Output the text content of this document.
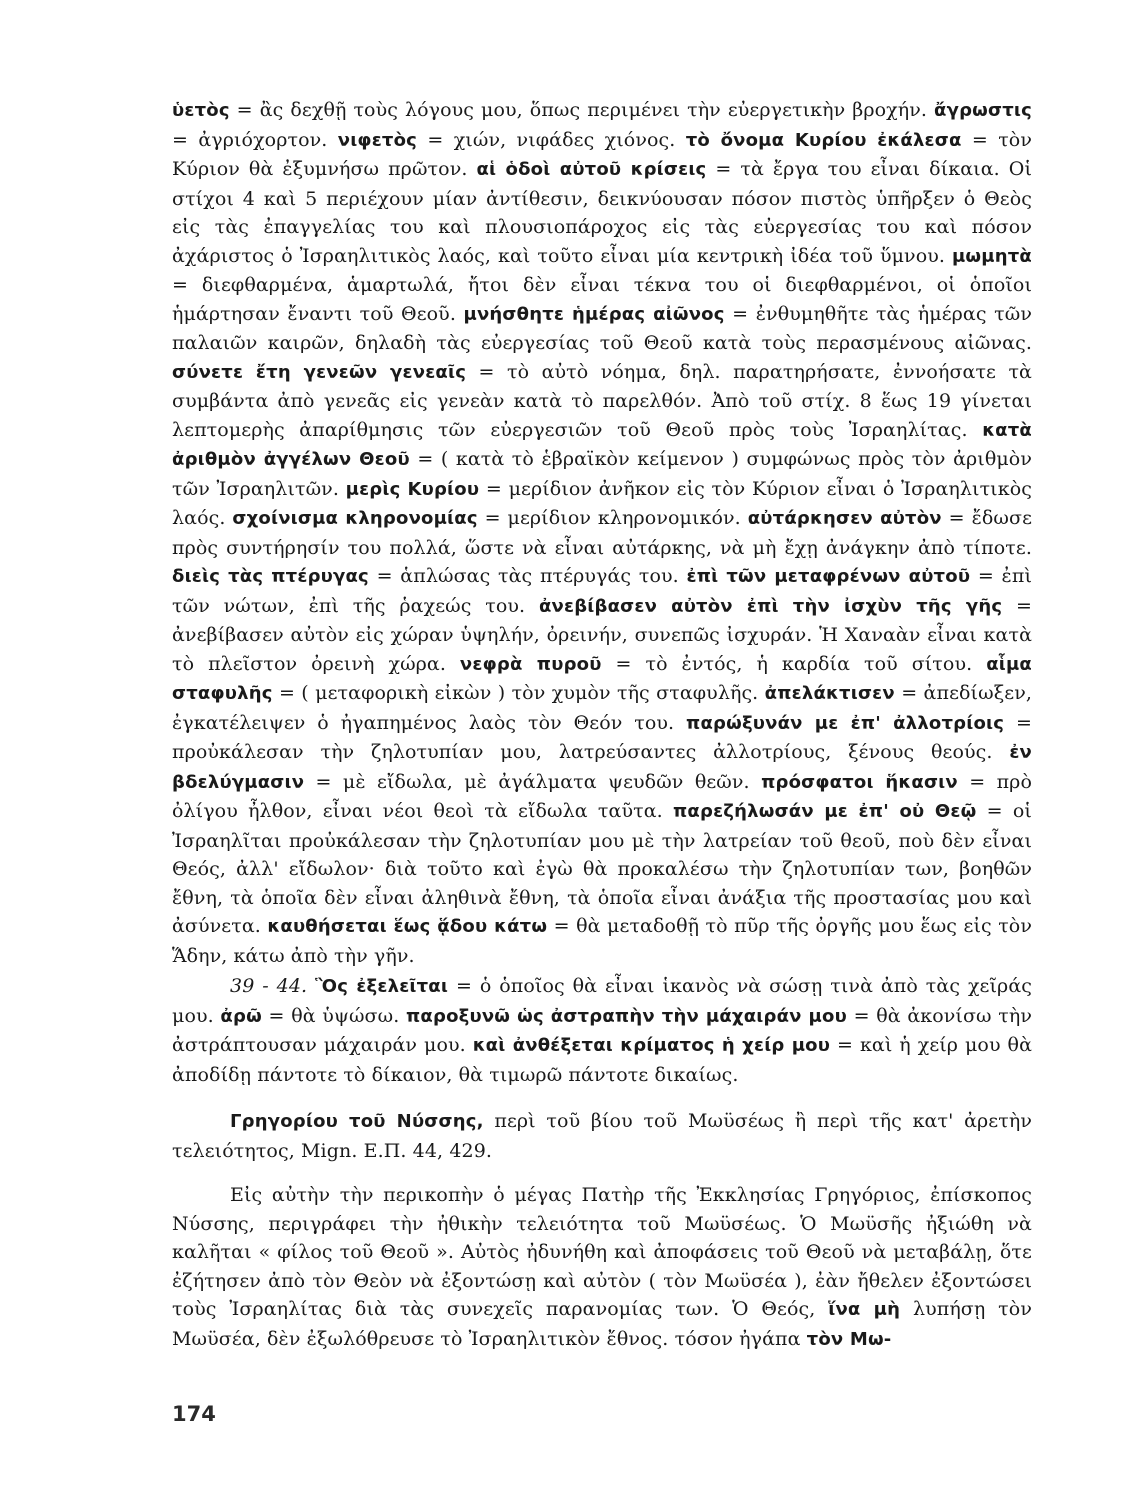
ὑετὸς = ἂς δεχθῇ τοὺς λόγους μου, ὅπως περιμένει τὴν εὐεργετικὴν βροχήν. ἄγρωστις = ἀγριόχορτον. νιφετὸς = χιών, νιφάδες χιόνος. τὸ ὄνομα Κυρίου ἐκάλεσα = τὸν Κύριον θὰ ἐξυμνήσω πρῶτον. αἱ ὁδοὶ αὐτοῦ κρίσεις = τὰ ἔργα του εἶναι δίκαια. Οἱ στίχοι 4 καὶ 5 περιέχουν μίαν ἀντίθεσιν, δεικνύουσαν πόσον πιστὸς ὑπῆρξεν ὁ Θεὸς εἰς τὰς ἐπαγγελίας του καὶ πλουσιοπάροχος εἰς τὰς εὐεργεσίας του καὶ πόσον ἀχάριστος ὁ Ἰσραηλιτικὸς λαός, καὶ τοῦτο εἶναι μία κεντρικὴ ἰδέα τοῦ ὕμνου. μωμητὰ = διεφθαρμένα, ἁμαρτωλά, ἤτοι δὲν εἶναι τέκνα του οἱ διεφθαρμένοι, οἱ ὁποῖοι ἡμάρτησαν ἔναντι τοῦ Θεοῦ. μνήσθητε ἡμέρας αἰῶνος = ἐνθυμηθῆτε τὰς ἡμέρας τῶν παλαιῶν καιρῶν, δηλαδὴ τὰς εὐεργεσίας τοῦ Θεοῦ κατὰ τοὺς περασμένους αἰῶνας. σύνετε ἔτη γενεῶν γενεαῖς = τὸ αὐτὸ νόημα, δηλ. παρατηρήσατε, ἐννοήσατε τὰ συμβάντα ἀπὸ γενεᾶς εἰς γενεὰν κατὰ τὸ παρελθόν. Ἀπὸ τοῦ στίχ. 8 ἕως 19 γίνεται λεπτομερὴς ἀπαρίθμησις τῶν εὐεργεσιῶν τοῦ Θεοῦ πρὸς τοὺς Ἰσραηλίτας. κατὰ ἀριθμὸν ἀγγέλων Θεοῦ = ( κατὰ τὸ ἑβραϊκὸν κείμενον ) συμφώνως πρὸς τὸν ἀριθμὸν τῶν Ἰσραηλιτῶν. μερὶς Κυρίου = μερίδιον ἀνῆκον εἰς τὸν Κύριον εἶναι ὁ Ἰσραηλιτικὸς λαός. σχοίνισμα κληρονομίας = μερίδιον κληρονομικόν. αὐτάρκησεν αὐτὸν = ἔδωσε πρὸς συντήρησίν του πολλά, ὥστε νὰ εἶναι αὐτάρκης, νὰ μὴ ἔχῃ ἀνάγκην ἀπὸ τίποτε. διεὶς τὰς πτέρυγας = ἁπλώσας τὰς πτέρυγάς του. ἐπὶ τῶν μεταφρένων αὐτοῦ = ἐπὶ τῶν νώτων, ἐπὶ τῆς ῥαχεώς του. ἀνεβίβασεν αὐτὸν ἐπὶ τὴν ἰσχὺν τῆς γῆς = ἀνεβίβασεν αὐτὸν εἰς χώραν ὑψηλήν, ὀρεινήν, συνεπῶς ἰσχυράν. Ἡ Χαναὰν εἶναι κατὰ τὸ πλεῖστον ὀρεινὴ χώρα. νεφρὰ πυροῦ = τὸ ἐντός, ἡ καρδία τοῦ σίτου. αἷμα σταφυλῆς = ( μεταφορικὴ εἰκὼν ) τὸν χυμὸν τῆς σταφυλῆς. ἀπελάκτισεν = ἀπεδίωξεν, ἐγκατέλειψεν ὁ ἠγαπημένος λαὸς τὸν Θεόν του. παρώξυνάν με ἐπ' ἀλλοτρίοις = προὐκάλεσαν τὴν ζηλοτυπίαν μου, λατρεύσαντες ἀλλοτρίους, ξένους θεούς. ἐν βδελύγμασιν = μὲ εἴδωλα, μὲ ἀγάλματα ψευδῶν θεῶν. πρόσφατοι ἥκασιν = πρὸ ὀλίγου ἦλθον, εἶναι νέοι θεοὶ τὰ εἴδωλα ταῦτα. παρεζήλωσάν με ἐπ' οὐ Θεῷ = οἱ Ἰσραηλῖται προὐκάλεσαν τὴν ζηλοτυπίαν μου μὲ τὴν λατρείαν τοῦ θεοῦ, ποὺ δὲν εἶναι Θεός, ἀλλ' εἴδωλον· διὰ τοῦτο καὶ ἐγὼ θὰ προκαλέσω τὴν ζηλοτυπίαν των, βοηθῶν ἔθνη, τὰ ὁποῖα δὲν εἶναι ἀληθινὰ ἔθνη, τὰ ὁποῖα εἶναι ἀνάξια τῆς προστασίας μου καὶ ἀσύνετα. καυθήσεται ἕως ᾅδου κάτω = θὰ μεταδοθῇ τὸ πῦρ τῆς ὀργῆς μου ἕως εἰς τὸν Ἅδην, κάτω ἀπὸ τὴν γῆν.

39 - 44. Ὃς ἐξελεῖται = ὁ ὁποῖος θὰ εἶναι ἱκανὸς νὰ σώσῃ τινὰ ἀπὸ τὰς χεῖράς μου. ἀρῶ = θὰ ὑψώσω. παροξυνῶ ὡς ἀστραπὴν τὴν μάχαιράν μου = θὰ ἀκονίσω τὴν ἀστράπτουσαν μάχαιράν μου. καὶ ἀνθέξεται κρίματος ἡ χείρ μου = καὶ ἡ χείρ μου θὰ ἀποδίδῃ πάντοτε τὸ δίκαιον, θὰ τιμωρῶ πάντοτε δικαίως.

Γρηγορίου τοῦ Νύσσης, περὶ τοῦ βίου τοῦ Μωϋσέως ἢ περὶ τῆς κατ' ἀρετὴν τελειότητος, Mign. Ε.Π. 44, 429.

Εἰς αὐτὴν τὴν περικοπὴν ὁ μέγας Πατὴρ τῆς Ἐκκλησίας Γρηγόριος, ἐπίσκοπος Νύσσης, περιγράφει τὴν ἠθικὴν τελειότητα τοῦ Μωϋσέως. Ὁ Μωϋσῆς ἠξιώθη νὰ καλῆται « φίλος τοῦ Θεοῦ ». Αὐτὸς ἠδυνήθη καὶ ἀποφάσεις τοῦ Θεοῦ νὰ μεταβάλῃ, ὅτε ἐζήτησεν ἀπὸ τὸν Θεὸν νὰ ἐξοντώσῃ καὶ αὐτὸν ( τὸν Μωϋσέα ), ἐὰν ἤθελεν ἐξοντώσει τοὺς Ἰσραηλίτας διὰ τὰς συνεχεῖς παρανομίας των. Ὁ Θεός, ἵνα μὴ λυπήσῃ τὸν Μωϋσέα, δὲν ἐξωλόθρευσε τὸ Ἰσραηλιτικὸν ἔθνος. τόσον ἠγάπα τὸν Μω-

174
